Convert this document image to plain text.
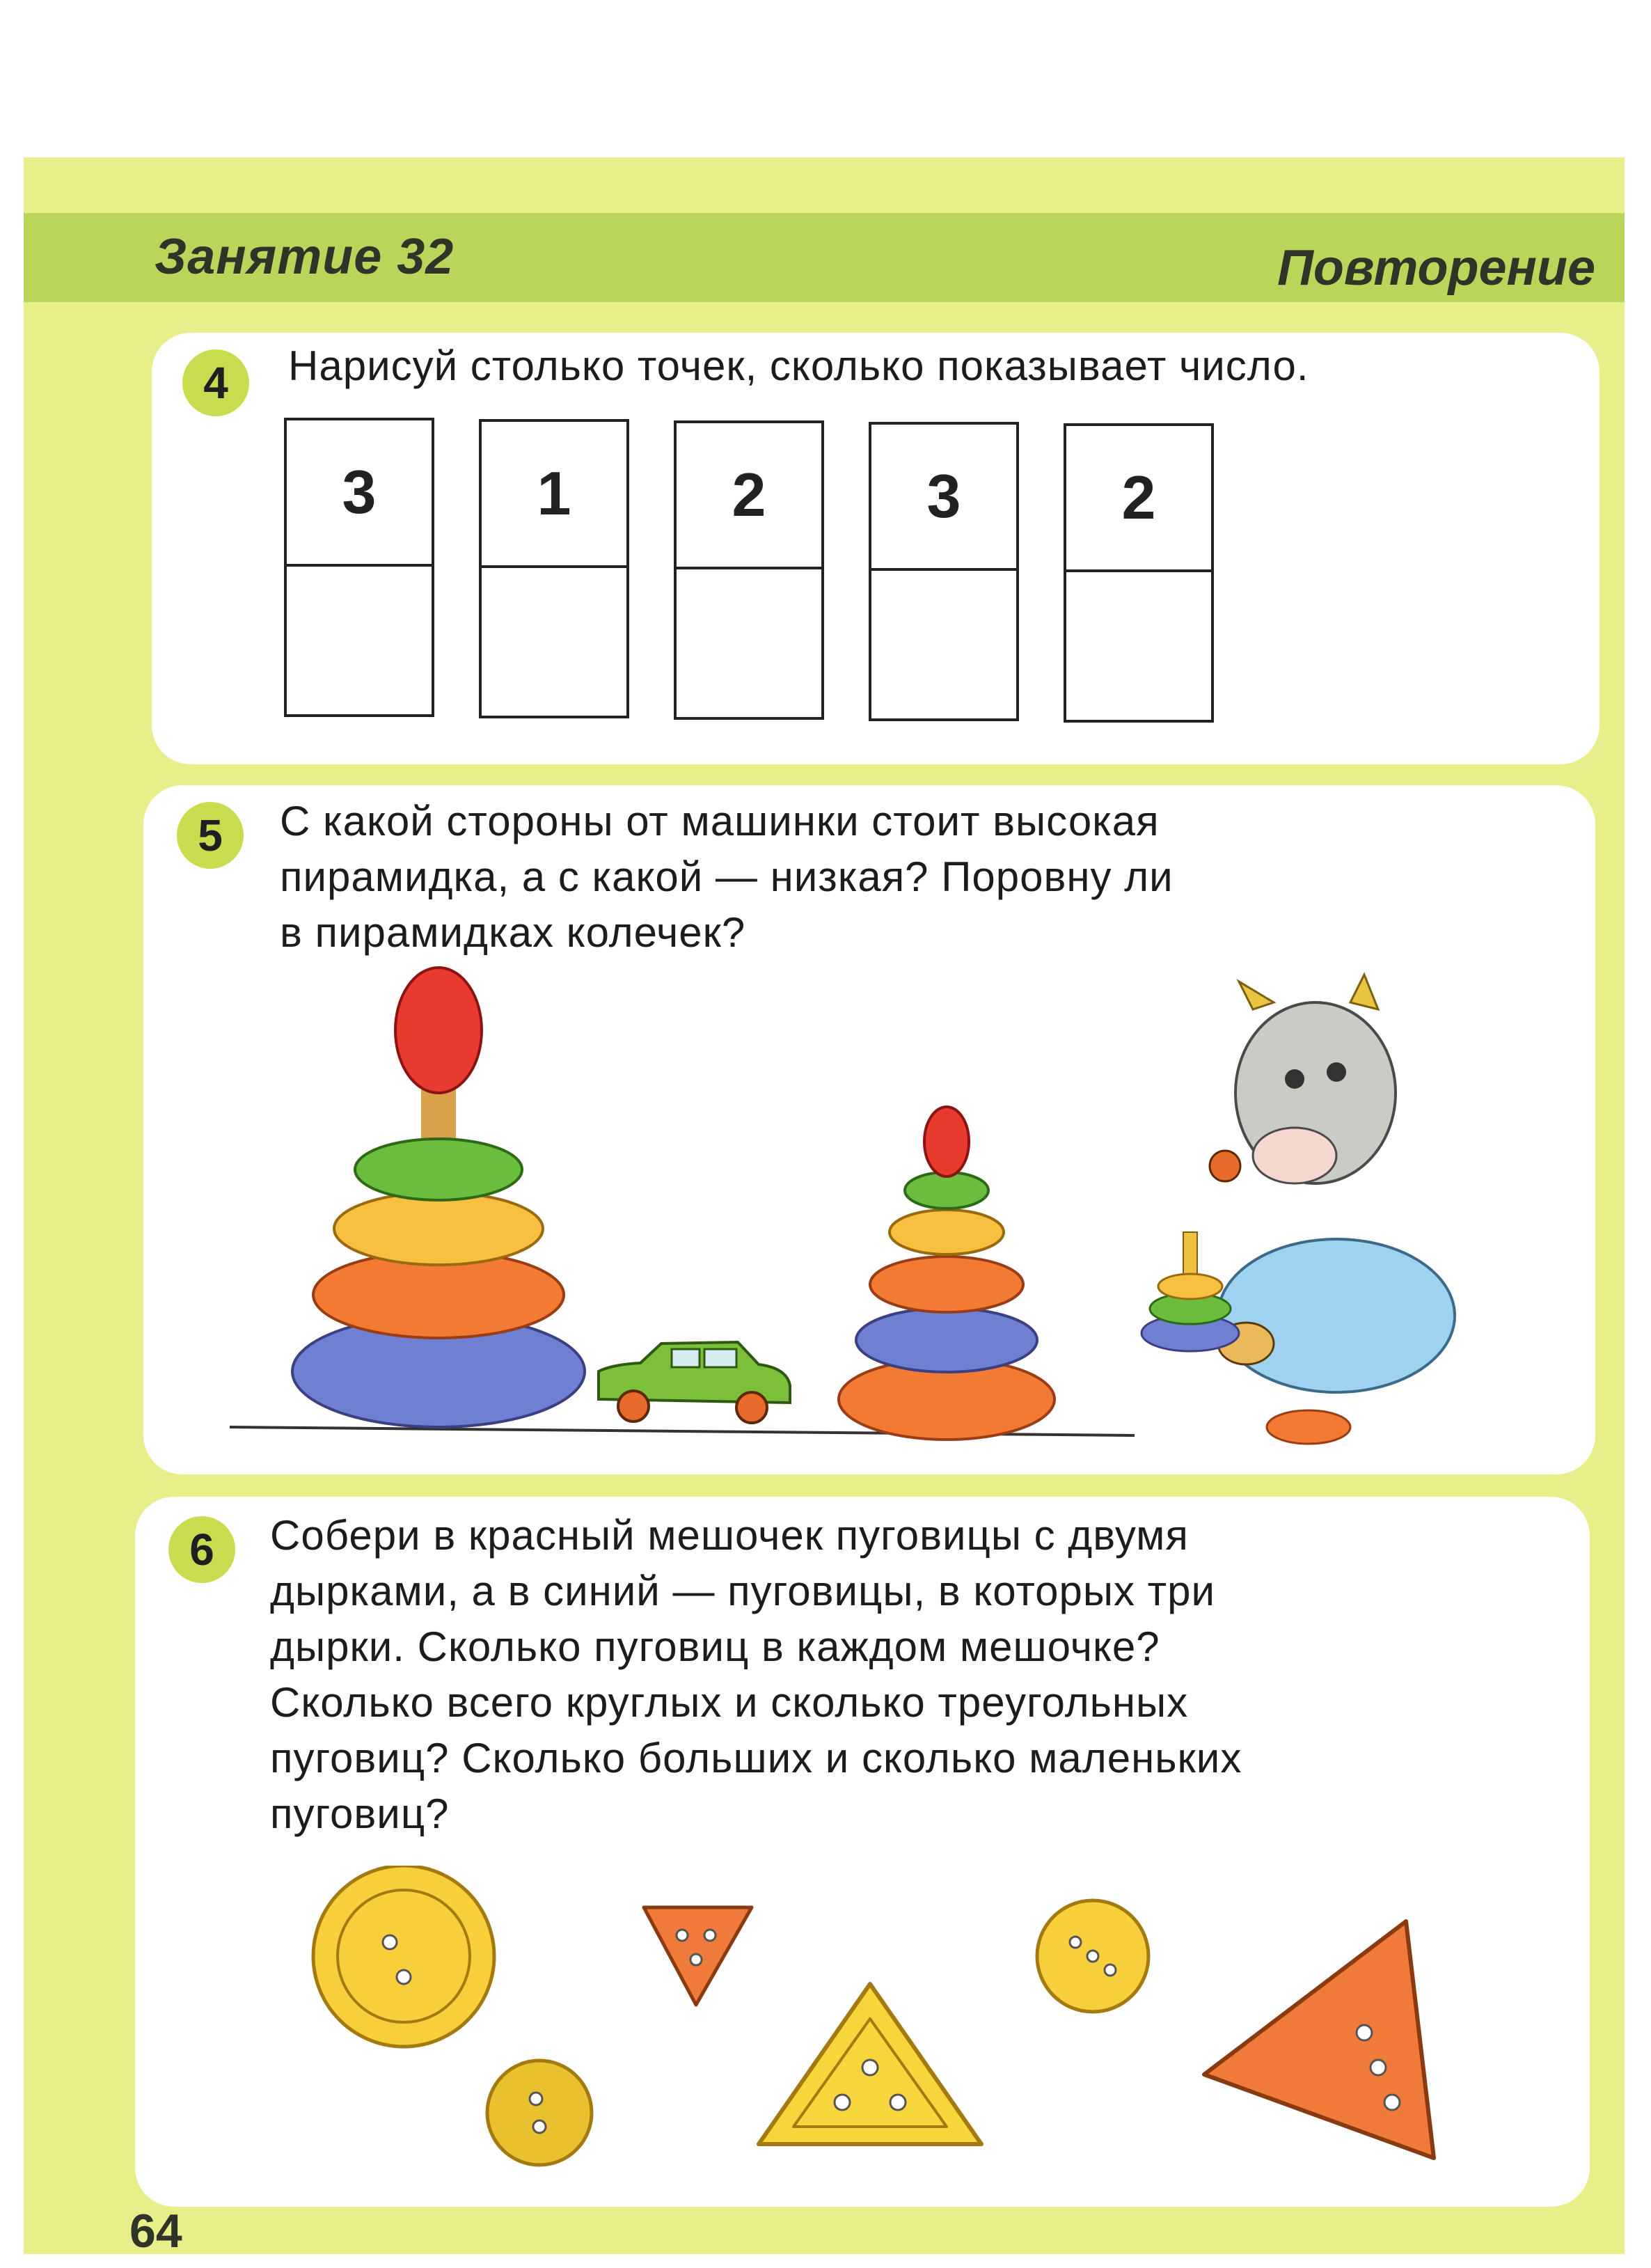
Занятие 32	Повторение
4	Нарисуй столько точек, сколько показывает число.
3	1	2	3	2
5	С какой стороны от машинки стоит высокая
пирамидка, а с какой — низкая? Поровну ли
в пирамидках колечек?
6	Собери в красный мешочек пуговицы с двумя
дырками, а в синий — пуговицы, в которых три
дырки. Сколько пуговиц в каждом мешочке?
Сколько всего круглых и сколько треугольных
пуговиц? Сколько больших и сколько маленьких
пуговиц?
64
